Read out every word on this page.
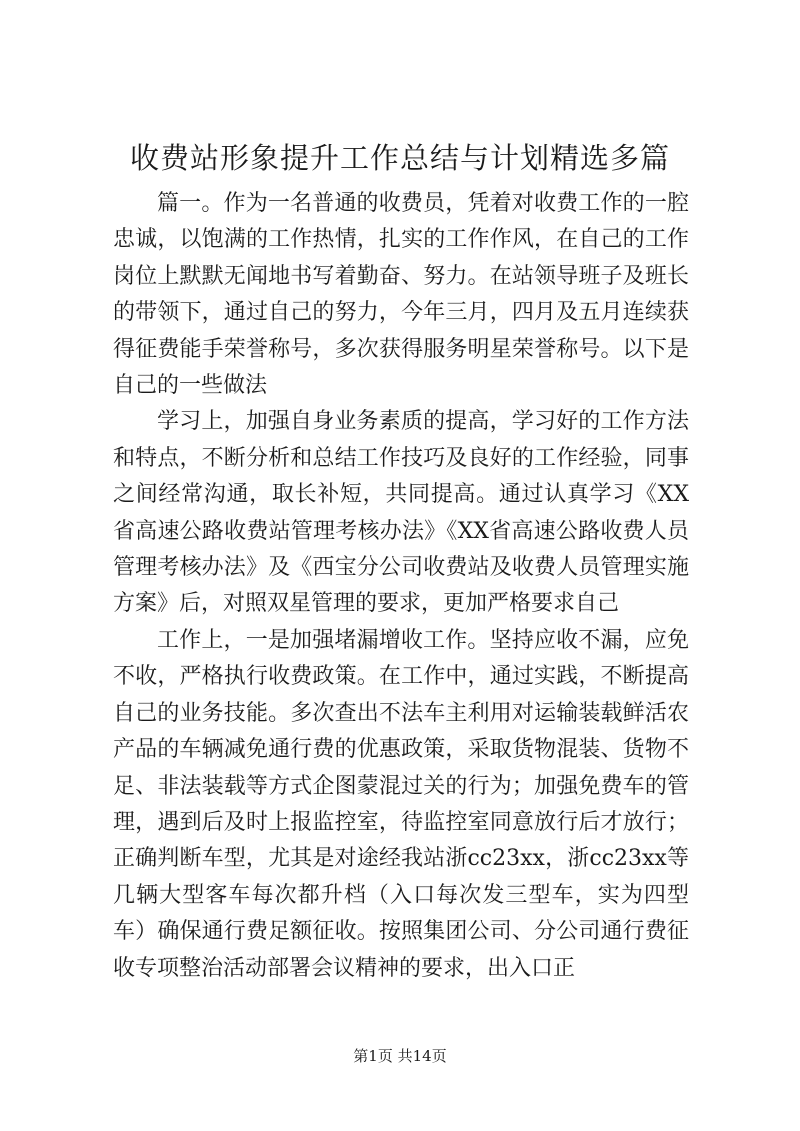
收费站形象提升工作总结与计划精选多篇

篇一。作为一名普通的收费员，凭着对收费工作的一腔忠诚，以饱满的工作热情，扎实的工作作风，在自己的工作岗位上默默无闻地书写着勤奋、努力。在站领导班子及班长的带领下，通过自己的努力，今年三月，四月及五月连续获得征费能手荣誉称号，多次获得服务明星荣誉称号。以下是自己的一些做法

学习上，加强自身业务素质的提高，学习好的工作方法和特点，不断分析和总结工作技巧及良好的工作经验，同事之间经常沟通，取长补短，共同提高。通过认真学习《XX省高速公路收费站管理考核办法》《XX省高速公路收费人员管理考核办法》及《西宝分公司收费站及收费人员管理实施方案》后，对照双星管理的要求，更加严格要求自己

工作上，一是加强堵漏增收工作。坚持应收不漏，应免不收，严格执行收费政策。在工作中，通过实践，不断提高自己的业务技能。多次查出不法车主利用对运输装载鲜活农产品的车辆减免通行费的优惠政策，采取货物混装、货物不足、非法装载等方式企图蒙混过关的行为；加强免费车的管理，遇到后及时上报监控室，待监控室同意放行后才放行；正确判断车型，尤其是对途经我站浙cc23xx，浙cc23xx等几辆大型客车每次都升档（入口每次发三型车，实为四型车）确保通行费足额征收。按照集团公司、分公司通行费征收专项整治活动部署会议精神的要求，出入口正

第1页 共14页
